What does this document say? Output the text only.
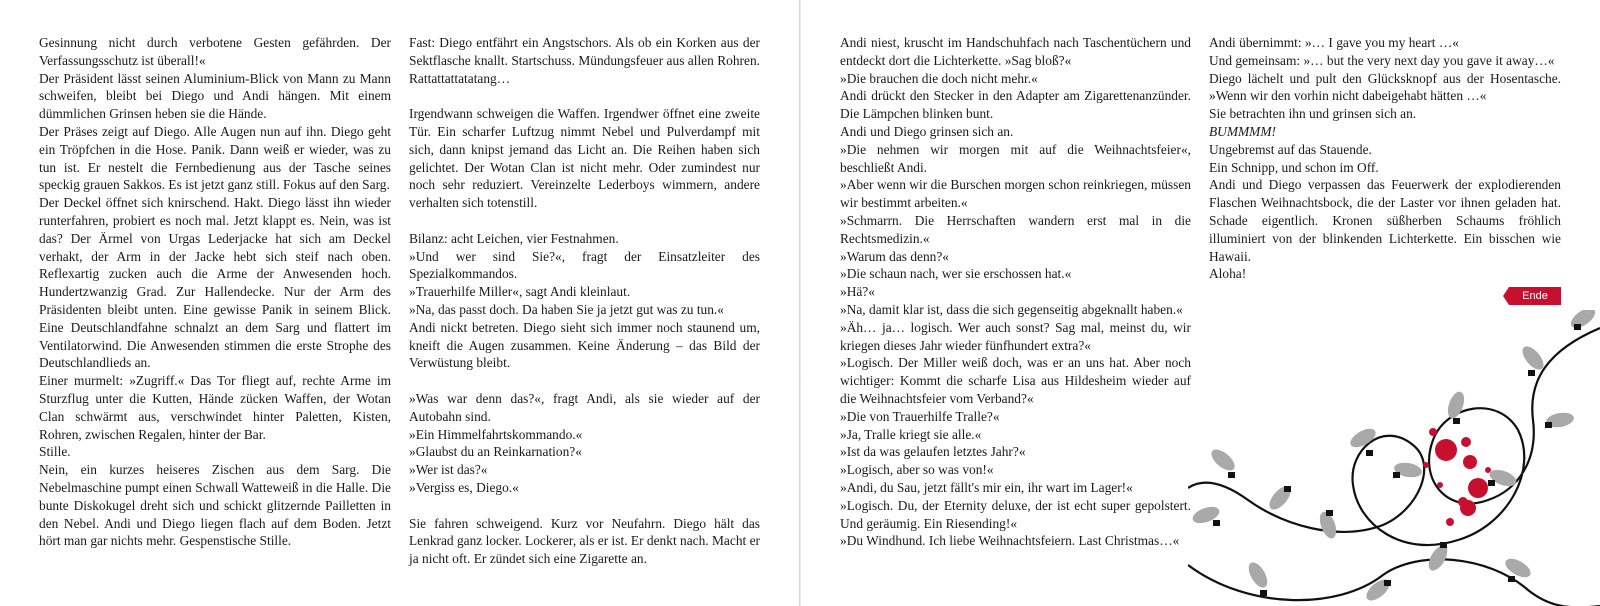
Gesinnung nicht durch verbotene Gesten gefährden. Der Verfassungsschutz ist überall!«

Der Präsident lässt seinen Aluminium-Blick von Mann zu Mann schweifen, bleibt bei Diego und Andi hängen. Mit einem dümmlichen Grinsen heben sie die Hände.

Der Präses zeigt auf Diego. Alle Augen nun auf ihn. Diego geht ein Tröpfchen in die Hose. Panik. Dann weiß er wieder, was zu tun ist. Er nestelt die Fernbedienung aus der Tasche seines speckig grauen Sakkos. Es ist jetzt ganz still. Fokus auf den Sarg.

Der Deckel öffnet sich knirschend. Hakt. Diego lässt ihn wieder runterfahren, probiert es noch mal. Jetzt klappt es. Nein, was ist das? Der Ärmel von Urgas Lederjacke hat sich am Deckel verhakt, der Arm in der Jacke hebt sich steif nach oben. Reflexartig zucken auch die Arme der Anwesenden hoch. Hundertzwanzig Grad. Zur Hallendecke. Nur der Arm des Präsidenten bleibt unten. Eine gewisse Panik in seinem Blick. Eine Deutschlandfahne schnalzt an dem Sarg und flattert im Ventilatorwind. Die Anwesenden stimmen die erste Strophe des Deutschlandlieds an.

Einer murmelt: »Zugriff.« Das Tor fliegt auf, rechte Arme im Sturzflug unter die Kutten, Hände zücken Waffen, der Wotan Clan schwärmt aus, verschwindet hinter Paletten, Kisten, Rohren, zwischen Regalen, hinter der Bar.

Stille.

Nein, ein kurzes heiseres Zischen aus dem Sarg. Die Nebelmaschine pumpt einen Schwall Watteweiß in die Halle. Die bunte Diskokugel dreht sich und schickt glitzernde Pailletten in den Nebel. Andi und Diego liegen flach auf dem Boden. Jetzt hört man gar nichts mehr. Gespenstische Stille.

Fast: Diego entfährt ein Angstschors. Als ob ein Korken aus der Sektflasche knallt. Startschuss. Mündungsfeuer aus allen Rohren. Rattattattatatang…

Irgendwann schweigen die Waffen. Irgendwer öffnet eine zweite Tür. Ein scharfer Luftzug nimmt Nebel und Pulverdampf mit sich, dann knipst jemand das Licht an. Die Reihen haben sich gelichtet. Der Wotan Clan ist nicht mehr. Oder zumindest nur noch sehr reduziert. Vereinzelte Lederboys wimmern, andere verhalten sich totenstill.

Bilanz: acht Leichen, vier Festnahmen.

»Und wer sind Sie?«, fragt der Einsatzleiter des Spezialkommandos.

»Trauerhilfe Miller«, sagt Andi kleinlaut.

»Na, das passt doch. Da haben Sie ja jetzt gut was zu tun.«

Andi nickt betreten. Diego sieht sich immer noch staunend um, kneift die Augen zusammen. Keine Änderung – das Bild der Verwüstung bleibt.

»Was war denn das?«, fragt Andi, als sie wieder auf der Autobahn sind.

»Ein Himmelfahrtskommando.«

»Glaubst du an Reinkarnation?«

»Wer ist das?«

»Vergiss es, Diego.«

Sie fahren schweigend. Kurz vor Neufahrn. Diego hält das Lenkrad ganz locker. Lockerer, als er ist. Er denkt nach. Macht er ja nicht oft. Er zündet sich eine Zigarette an.

Andi niest, kruscht im Handschuhfach nach Taschentüchern und entdeckt dort die Lichterkette. »Sag bloß?«

»Die brauchen die doch nicht mehr.«

Andi drückt den Stecker in den Adapter am Zigarettenanzünder. Die Lämpchen blinken bunt.

Andi und Diego grinsen sich an.

»Die nehmen wir morgen mit auf die Weihnachtsfeier«, beschließt Andi.

»Aber wenn wir die Burschen morgen schon reinkriegen, müssen wir bestimmt arbeiten.«

»Schmarrn. Die Herrschaften wandern erst mal in die Rechtsmedizin.«

»Warum das denn?«

»Die schaun nach, wer sie erschossen hat.«

»Hä?«

»Na, damit klar ist, dass die sich gegenseitig abgeknallt haben.«

»Äh… ja… logisch. Wer auch sonst? Sag mal, meinst du, wir kriegen dieses Jahr wieder fünfhundert extra?«

»Logisch. Der Miller weiß doch, was er an uns hat. Aber noch wichtiger: Kommt die scharfe Lisa aus Hildesheim wieder auf die Weihnachtsfeier vom Verband?«

»Die von Trauerhilfe Tralle?«

»Ja, Tralle kriegt sie alle.«

»Ist da was gelaufen letztes Jahr?«

»Logisch, aber so was von!«

»Andi, du Sau, jetzt fällt's mir ein, ihr wart im Lager!«

»Logisch. Du, der Eternity deluxe, der ist echt super gepolstert. Und geräumig. Ein Riesending!«

»Du Windhund. Ich liebe Weihnachtsfeiern. Last Christmas…«

Andi übernimmt: »… I gave you my heart …«

Und gemeinsam: »… but the very next day you gave it away…«

Diego lächelt und pult den Glücksknopf aus der Hosentasche. »Wenn wir den vorhin nicht dabeigehabt hätten …«

Sie betrachten ihn und grinsen sich an.

BUMMMM!

Ungebremst auf das Stauende.

Ein Schnipp, und schon im Off.

Andi und Diego verpassen das Feuerwerk der explodierenden Flaschen Weihnachtsbock, die der Laster vor ihnen geladen hat. Schade eigentlich. Kronen süßherben Schaums fröhlich illuminiert von der blinkenden Lichterkette. Ein bisschen wie Hawaii.

Aloha!

Ende
